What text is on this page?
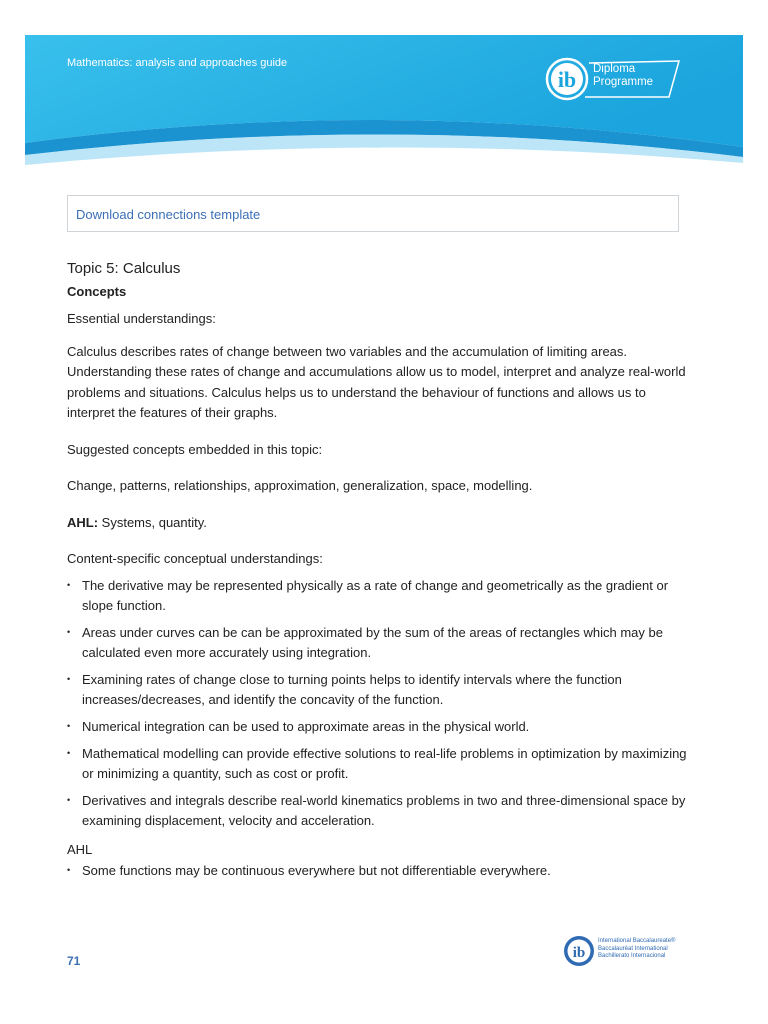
Mathematics: analysis and approaches guide
ib Diploma
Programme
Download connections template
Topic 5: Calculus
Concepts

Essential understandings:

Calculus describes rates of change between two variables and the accumulation of limiting areas. Understanding these rates of change and accumulations allow us to model, interpret and analyze real-world problems and situations. Calculus helps us to understand the behaviour of functions and allows us to interpret the features of their graphs.

Suggested concepts embedded in this topic:

Change, patterns, relationships, approximation, generalization, space, modelling.

AHL: Systems, quantity.

Content-specific conceptual understandings:

• The derivative may be represented physically as a rate of change and geometrically as the gradient or slope function.
• Areas under curves can be can be approximated by the sum of the areas of rectangles which may be calculated even more accurately using integration.
• Examining rates of change close to turning points helps to identify intervals where the function increases/decreases, and identify the concavity of the function.
• Numerical integration can be used to approximate areas in the physical world.
• Mathematical modelling can provide effective solutions to real-life problems in optimization by maximizing or minimizing a quantity, such as cost or profit.
• Derivatives and integrals describe real-world kinematics problems in two and three-dimensional space by examining displacement, velocity and acceleration.
AHL
• Some functions may be continuous everywhere but not differentiable everywhere.
71	ib
International Baccalaureate®
Baccalauréat International
Bachillerato Internacional
